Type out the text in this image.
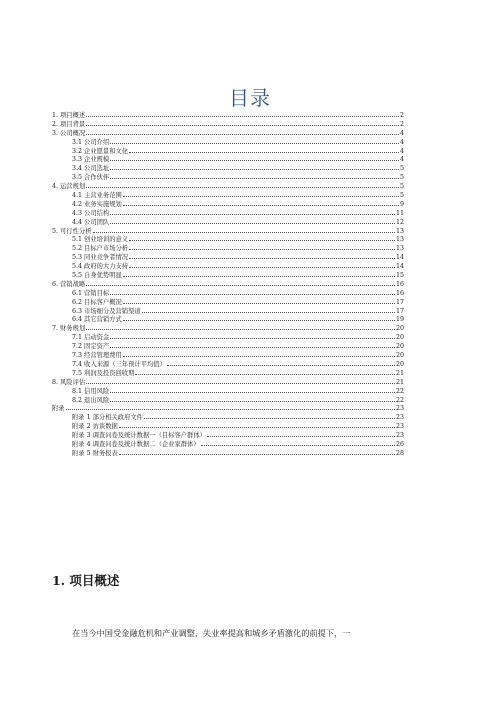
目录
1. 项目概述	2
2. 项目背景	2
3. 公司概况	4
3.1 公司介绍	4
3.2 企业愿景和文化	4
3.3 企业规模	4
3.4 公司选址	5
3.5 合作伙伴	5
4. 运营规划	5
4.1 主营业务范围	5
4.2 业务实施规划	9
4.3 公司结构	11
4.4 公司团队	12
5. 可行性分析	13
5.1 创业培训的意义	13
5.2 目标户市场分析	13
5.3 同业竞争者情况	14
5.4 政府的大力支持	14
5.5 自身优势明显	15
6. 营销战略	16
6.1 营销目标	16
6.2 目标客户概况	17
6.3 市场细分及营销渠道	17
6.4 其它营销方式	19
7. 财务规划	20
7.1 启动资金	20
7.2 固定资产	20
7.3 经营管理费用	20
7.4 收入来源（三年预计平均值）	20
7.5 利润及投资回收期	21
8. 风险评估	21
8.1 信用风险	22
8.2 退出风险	22
附录	23
附录 1 部分相关政府文件	23
附录 2 访谈数据	23
附录 3 调查问卷及统计数据一（目标客户群体）	23
附录 4 调查问卷及统计数据二（企业家群体）	26
附录 5 财务报表	28
1. 项目概述
在当今中国受金融危机和产业调整，失业率提高和城乡矛盾激化的前提下，一
